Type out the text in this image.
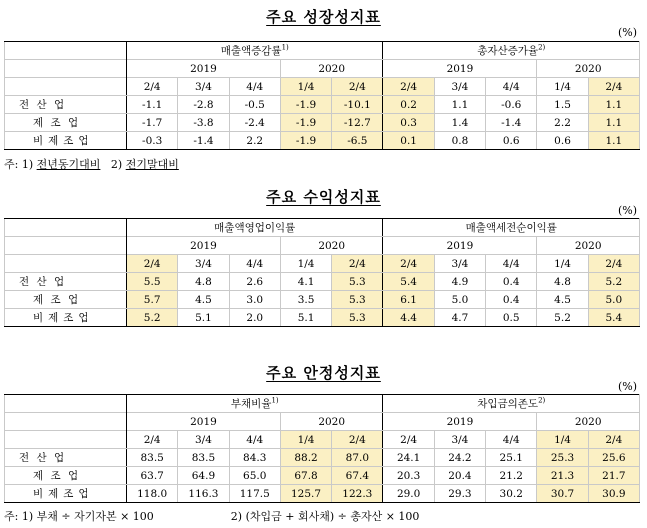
주요 성장성지표
(%)
	매출액증감률$^{1)}$					총자산증가율$^{2)}$
	2019			2020		2019			2020	
	2/4	3/4	4/4	1/4	2/4	2/4	3/4	4/4	1/4	2/4
전 산 업	-1.1	-2.8	-0.5	-1.9	-10.1	0.2	1.1	-0.6	1.5	1.1
제 조 업	-1.7	-3.8	-2.4	-1.9	-12.7	0.3	1.4	-1.4	2.2	1.1
비제조업	-0.3	-1.4	2.2	-1.9	-6.5	0.1	0.8	0.6	0.6	1.1
주: 1) 전년동기대비 2) 전기말대비
주요 수익성지표
(%)
	매출액영업이익률					매출액세전순이익률				
	2019			2020		2019			2020	
	2/4	3/4	4/4	1/4	2/4	2/4	3/4	4/4	1/4	2/4
전 산 업	5.5	4.8	2.6	4.1	5.3	5.4	4.9	0.4	4.8	5.2
제 조 업	5.7	4.5	3.0	3.5	5.3	6.1	5.0	0.4	4.5	5.0
비제조업	5.2	5.1	2.0	5.1	5.3	4.4	4.7	0.5	5.2	5.4
주요 안정성지표
(%)
	부채비율$^{1)}$					차입금의존도$^{2)}$
	2019			2020		2019			2020	
	2/4	3/4	4/4	1/4	2/4	2/4	3/4	4/4	1/4	2/4
전 산 업	83.5	83.5	84.3	88.2	87.0	24.1	24.2	25.1	25.3	25.6
제 조 업	63.7	64.9	65.0	67.8	67.4	20.3	20.4	21.2	21.3	21.7
비제조업	118.0	116.3	117.5	125.7	122.3	29.0	29.3	30.2	30.7	30.9
주: 1) 부채 ÷ 자기자본 × 100	2) (차입금 + 회사채) ÷ 총자산 × 100
